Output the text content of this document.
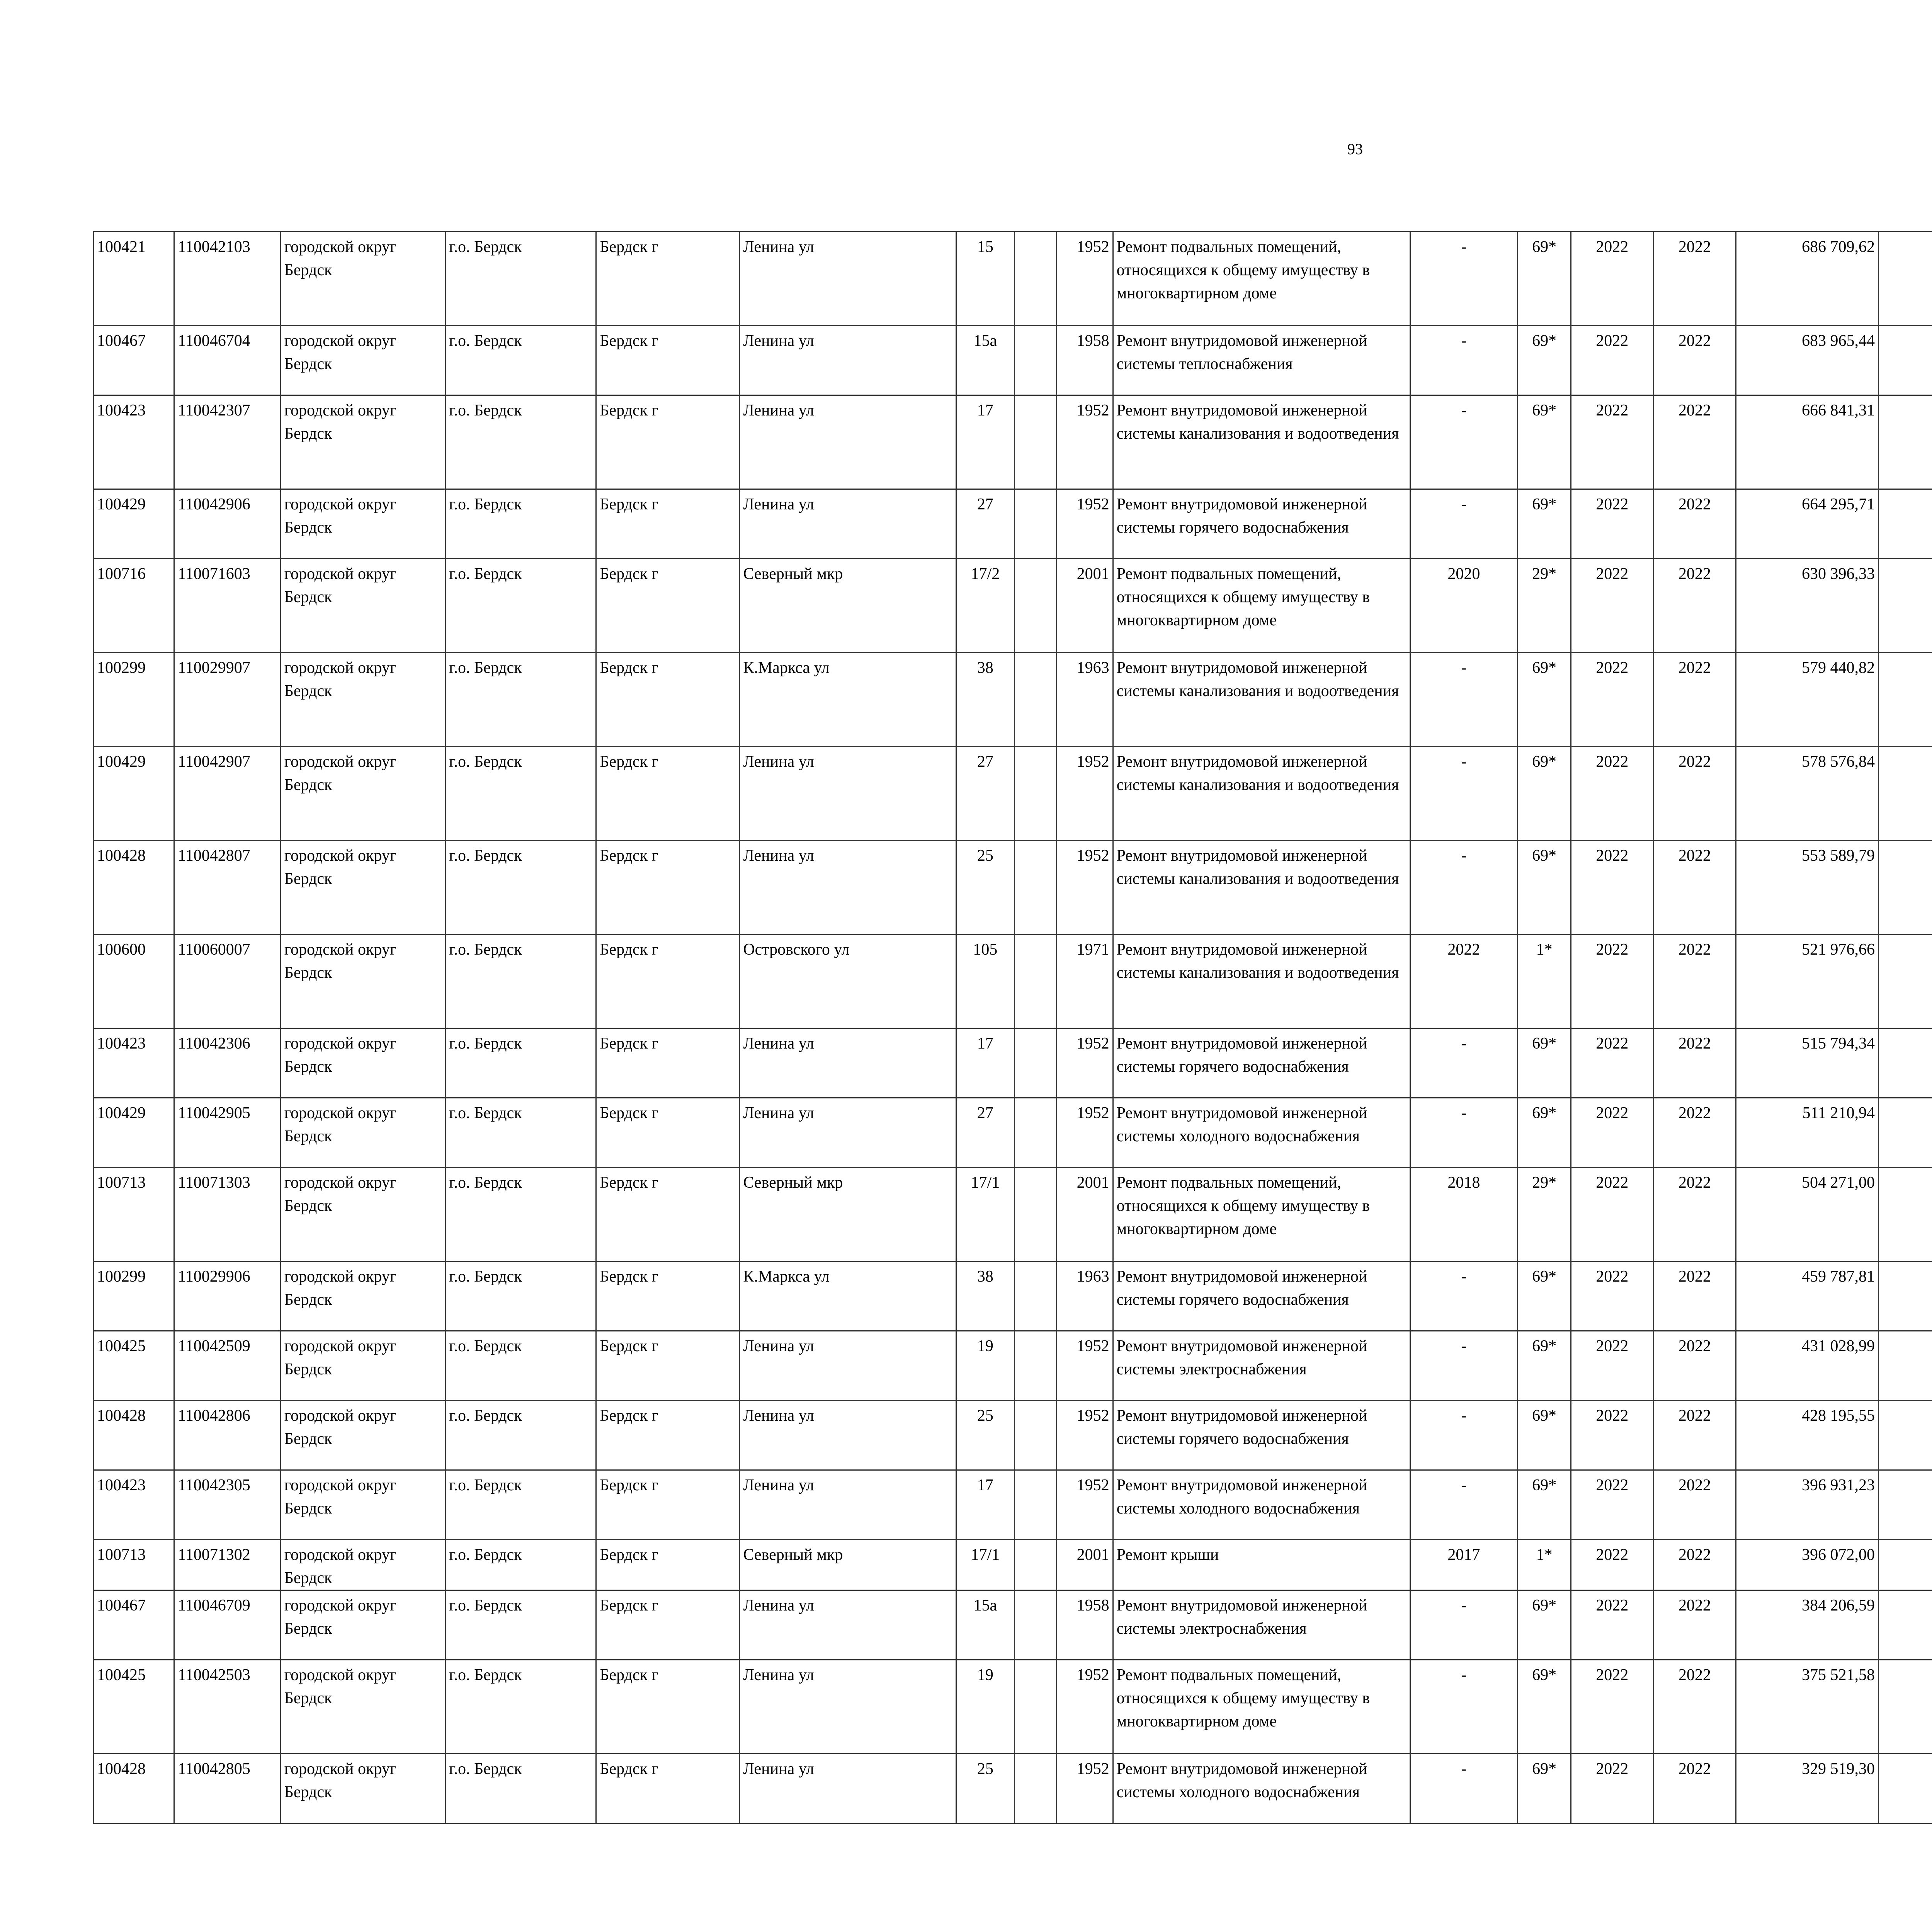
93
100421	110042103	городской округ Бердск	г.о. Бердск	Бердск г	Ленина ул	15		1952	Ремонт подвальных помещений, относящихся к общему имуществу в многоквартирном доме	-	69*	2022	2022	686 709,62						
100467	110046704	городской округ Бердск	г.о. Бердск	Бердск г	Ленина ул	15а		1958	Ремонт внутридомовой инженерной системы теплоснабжения	-	69*	2022	2022	683 965,44						
100423	110042307	городской округ Бердск	г.о. Бердск	Бердск г	Ленина ул	17		1952	Ремонт внутридомовой инженерной системы канализования и водоотведения	-	69*	2022	2022	666 841,31						
100429	110042906	городской округ Бердск	г.о. Бердск	Бердск г	Ленина ул	27		1952	Ремонт внутридомовой инженерной системы горячего водоснабжения	-	69*	2022	2022	664 295,71						
100716	110071603	городской округ Бердск	г.о. Бердск	Бердск г	Северный мкр	17/2		2001	Ремонт подвальных помещений, относящихся к общему имуществу в многоквартирном доме	2020	29*	2022	2022	630 396,33						
100299	110029907	городской округ Бердск	г.о. Бердск	Бердск г	К.Маркса ул	38		1963	Ремонт внутридомовой инженерной системы канализования и водоотведения	-	69*	2022	2022	579 440,82						
100429	110042907	городской округ Бердск	г.о. Бердск	Бердск г	Ленина ул	27		1952	Ремонт внутридомовой инженерной системы канализования и водоотведения	-	69*	2022	2022	578 576,84						
100428	110042807	городской округ Бердск	г.о. Бердск	Бердск г	Ленина ул	25		1952	Ремонт внутридомовой инженерной системы канализования и водоотведения	-	69*	2022	2022	553 589,79						
100600	110060007	городской округ Бердск	г.о. Бердск	Бердск г	Островского ул	105		1971	Ремонт внутридомовой инженерной системы канализования и водоотведения	2022	1*	2022	2022	521 976,66						
100423	110042306	городской округ Бердск	г.о. Бердск	Бердск г	Ленина ул	17		1952	Ремонт внутридомовой инженерной системы горячего водоснабжения	-	69*	2022	2022	515 794,34						
100429	110042905	городской округ Бердск	г.о. Бердск	Бердск г	Ленина ул	27		1952	Ремонт внутридомовой инженерной системы холодного водоснабжения	-	69*	2022	2022	511 210,94						
100713	110071303	городской округ Бердск	г.о. Бердск	Бердск г	Северный мкр	17/1		2001	Ремонт подвальных помещений, относящихся к общему имуществу в многоквартирном доме	2018	29*	2022	2022	504 271,00						
100299	110029906	городской округ Бердск	г.о. Бердск	Бердск г	К.Маркса ул	38		1963	Ремонт внутридомовой инженерной системы горячего водоснабжения	-	69*	2022	2022	459 787,81						
100425	110042509	городской округ Бердск	г.о. Бердск	Бердск г	Ленина ул	19		1952	Ремонт внутридомовой инженерной системы электроснабжения	-	69*	2022	2022	431 028,99						
100428	110042806	городской округ Бердск	г.о. Бердск	Бердск г	Ленина ул	25		1952	Ремонт внутридомовой инженерной системы горячего водоснабжения	-	69*	2022	2022	428 195,55						
100423	110042305	городской округ Бердск	г.о. Бердск	Бердск г	Ленина ул	17		1952	Ремонт внутридомовой инженерной системы холодного водоснабжения	-	69*	2022	2022	396 931,23						
100713	110071302	городской округ Бердск	г.о. Бердск	Бердск г	Северный мкр	17/1		2001	Ремонт крыши	2017	1*	2022	2022	396 072,00						
100467	110046709	городской округ Бердск	г.о. Бердск	Бердск г	Ленина ул	15а		1958	Ремонт внутридомовой инженерной системы электроснабжения	-	69*	2022	2022	384 206,59						
100425	110042503	городской округ Бердск	г.о. Бердск	Бердск г	Ленина ул	19		1952	Ремонт подвальных помещений, относящихся к общему имуществу в многоквартирном доме	-	69*	2022	2022	375 521,58						
100428	110042805	городской округ Бердск	г.о. Бердск	Бердск г	Ленина ул	25		1952	Ремонт внутридомовой инженерной системы холодного водоснабжения	-	69*	2022	2022	329 519,30						
